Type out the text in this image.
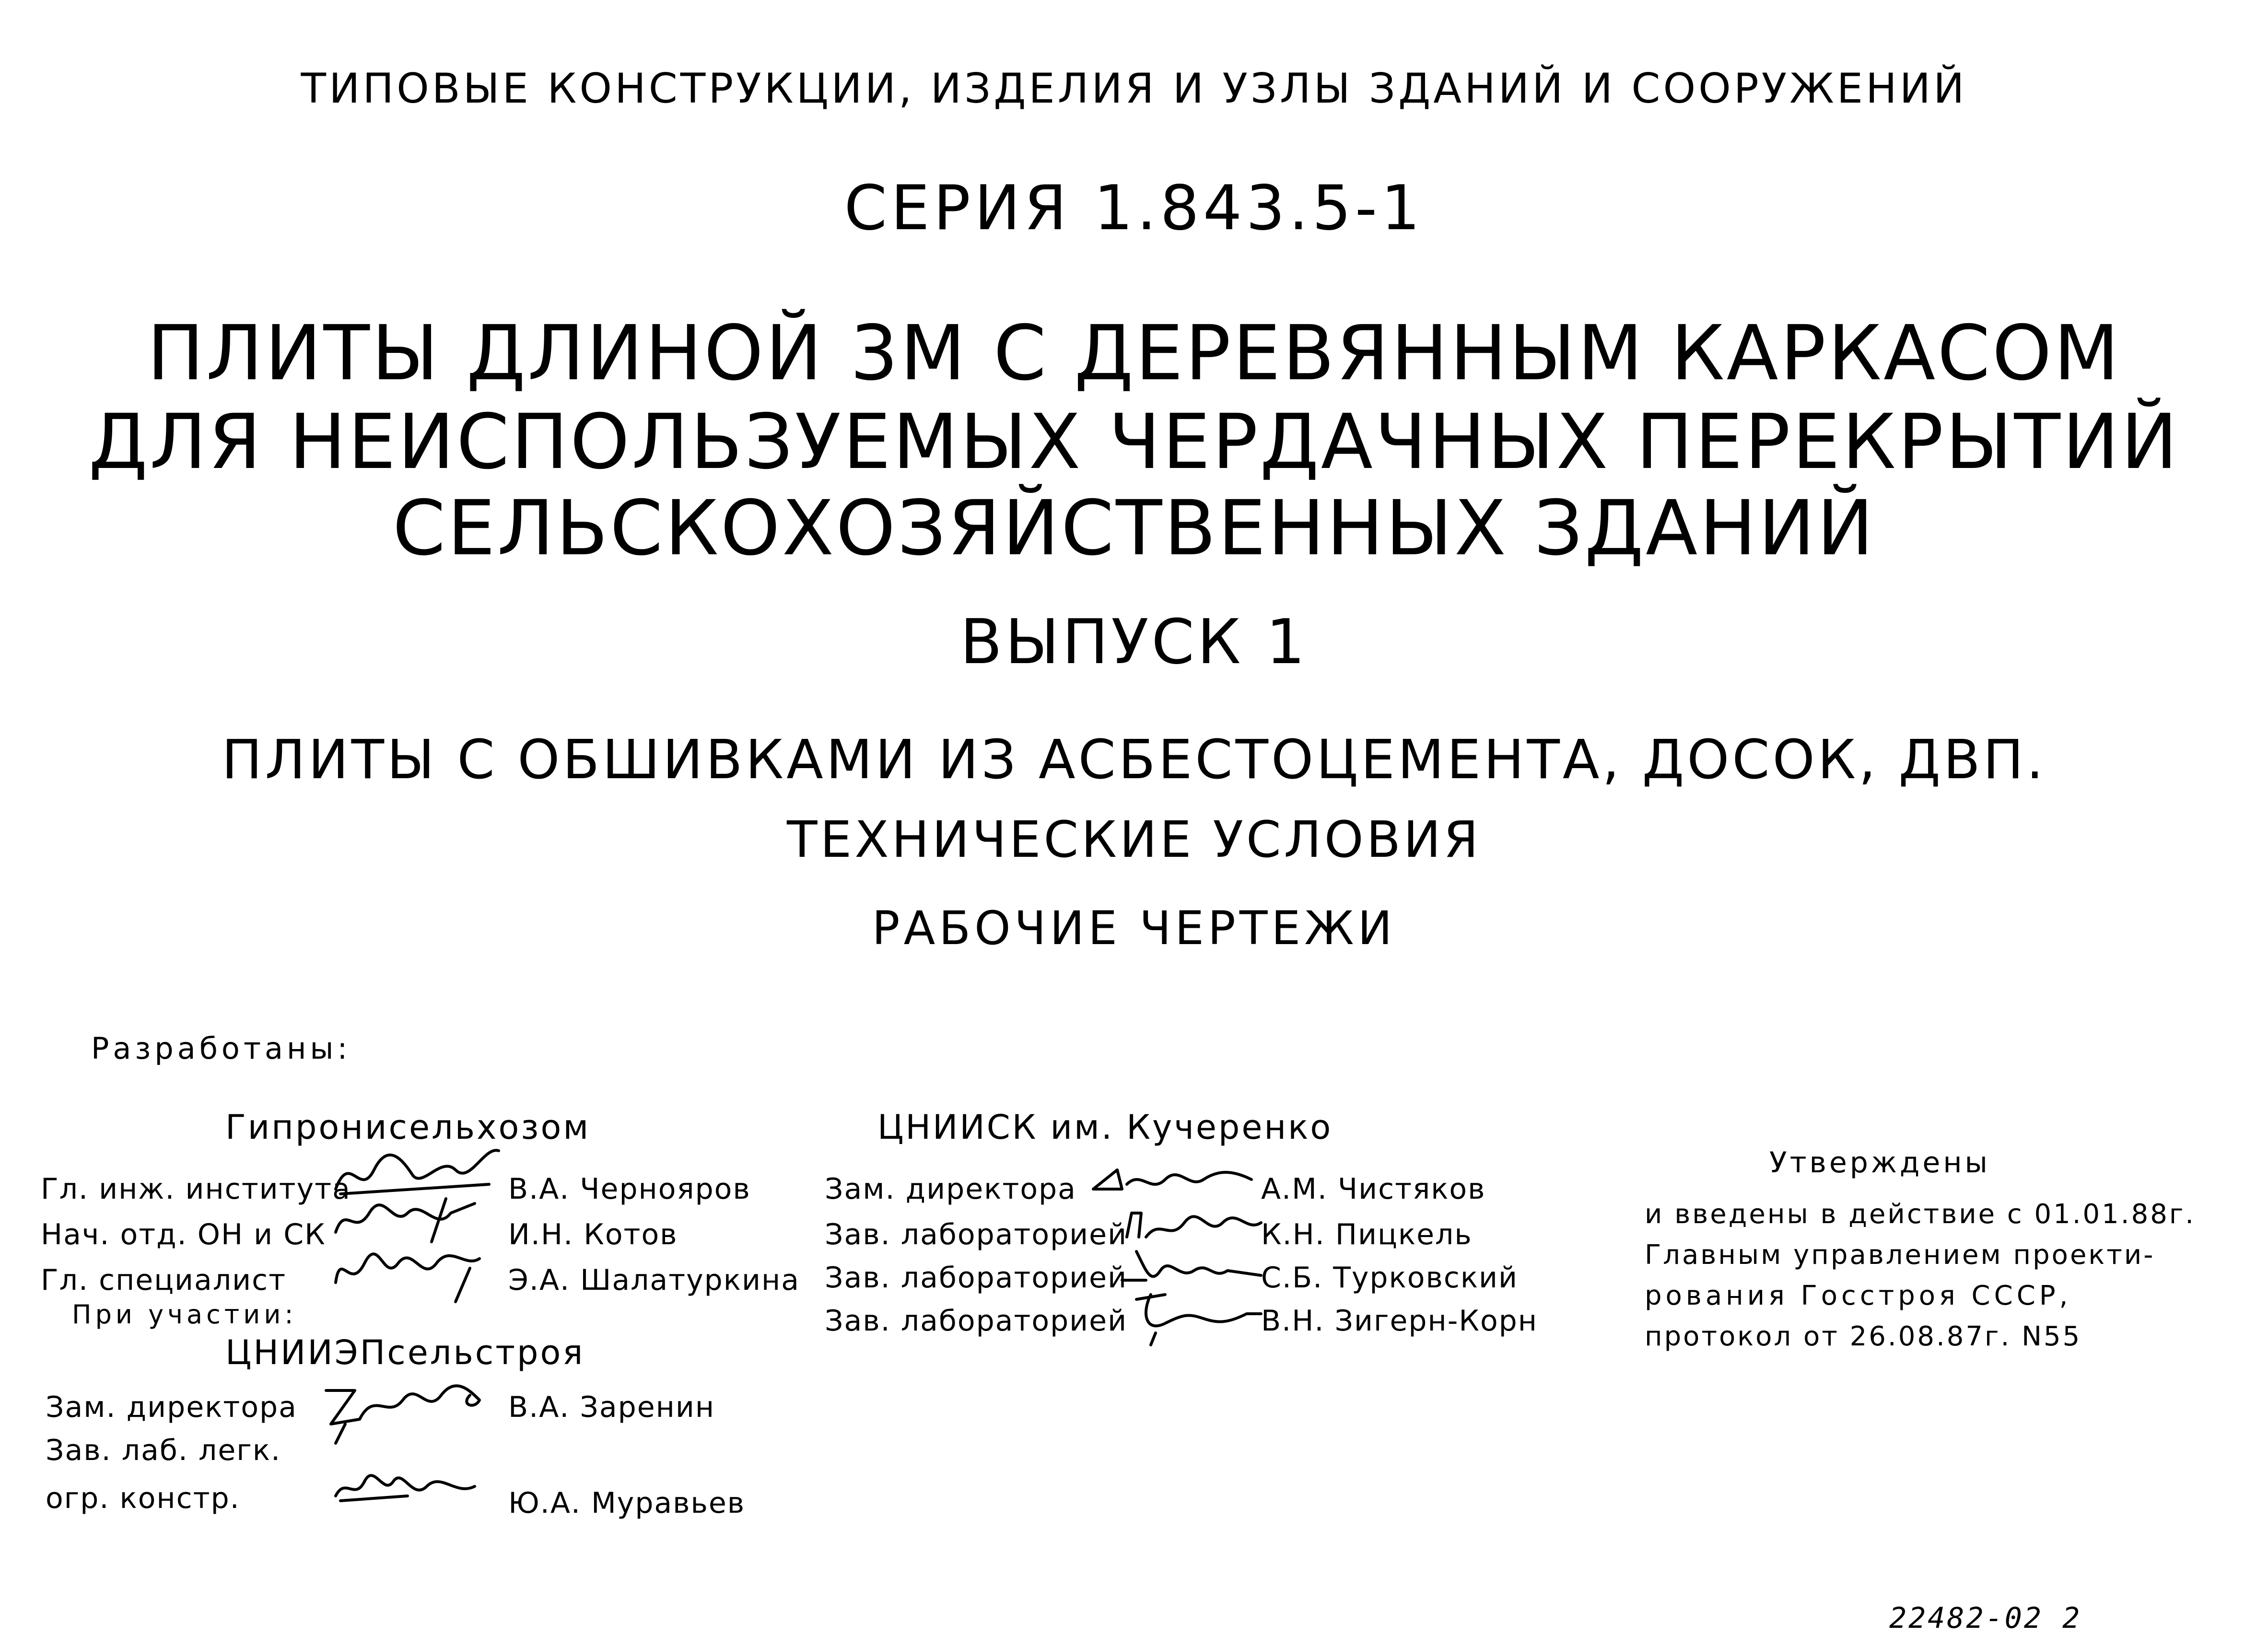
ТИПОВЫЕ КОНСТРУКЦИИ, ИЗДЕЛИЯ И УЗЛЫ ЗДАНИЙ И СООРУЖЕНИЙ
СЕРИЯ 1.843.5-1
ПЛИТЫ ДЛИНОЙ 3М С ДЕРЕВЯННЫМ КАРКАСОМ
ДЛЯ НЕИСПОЛЬЗУЕМЫХ ЧЕРДАЧНЫХ ПЕРЕКРЫТИЙ
СЕЛЬСКОХОЗЯЙСТВЕННЫХ ЗДАНИЙ
ВЫПУСК 1
ПЛИТЫ С ОБШИВКАМИ ИЗ АСБЕСТОЦЕМЕНТА, ДОСОК, ДВП.
ТЕХНИЧЕСКИЕ УСЛОВИЯ
РАБОЧИЕ ЧЕРТЕЖИ
Разработаны:
Гипронисельхозом
Гл. инж. института	В.А. Чернояров
Нач. отд. ОН и СК	И.Н. Котов
Гл. специалист	Э.А. Шалатуркина
При участии:
ЦНИИЭПсельстроя
Зам. директора	В.А. Заренин
Зав. лаб. легк.
огр. констр.	Ю.А. Муравьев
ЦНИИСК им. Кучеренко
Зам. директора	А.М. Чистяков
Зав. лабораторией	К.Н. Пицкель
Зав. лабораторией	С.Б. Турковский
Зав. лабораторией	В.Н. Зигерн-Корн
Утверждены
и введены в действие с 01.01.88г.
Главным управлением проекти-
рования Госстроя СССР,
протокол от 26.08.87г. N55
22482-02 2
